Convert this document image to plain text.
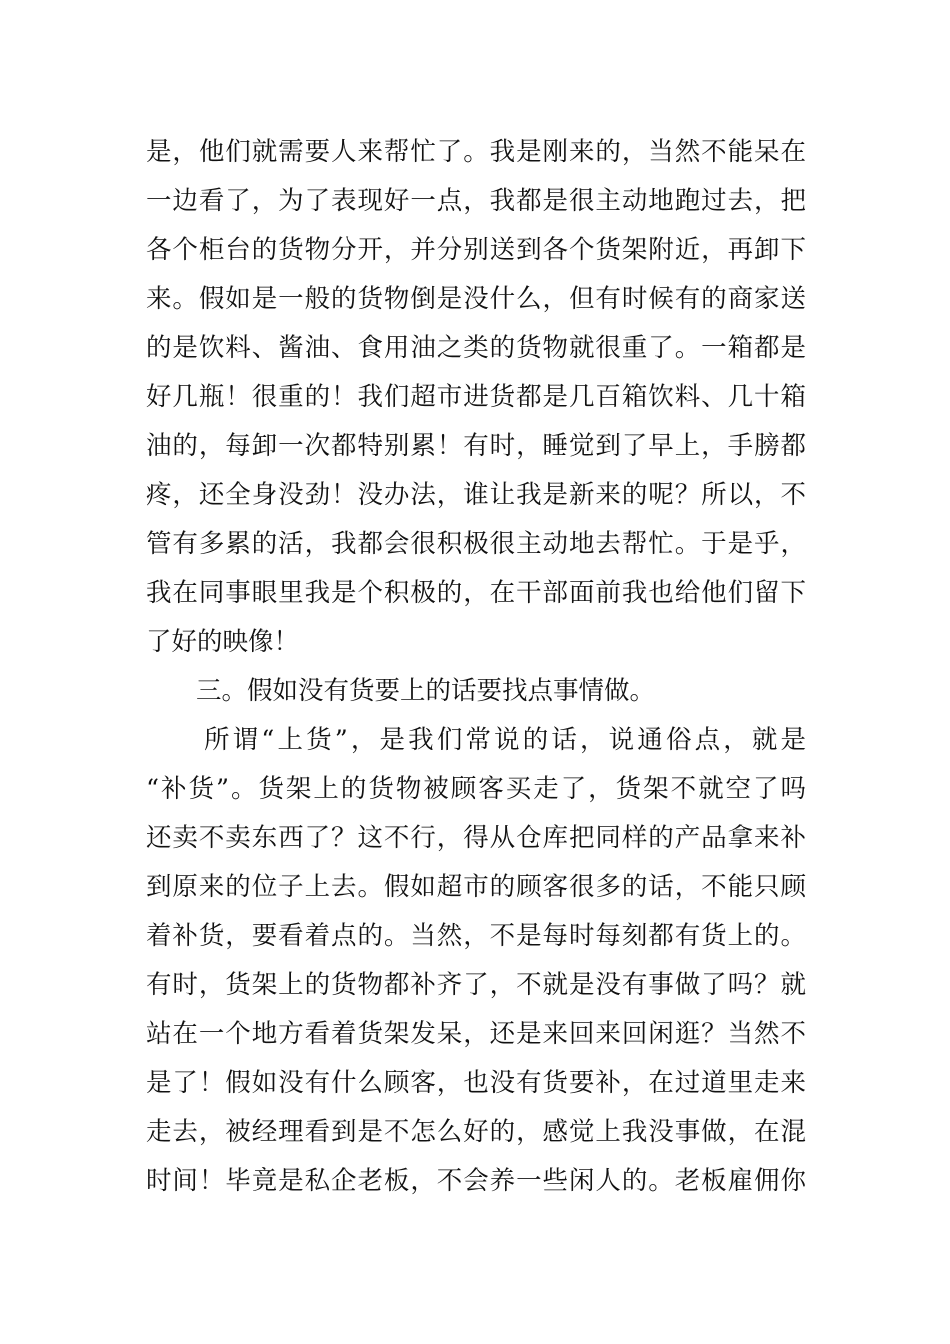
是，他们就需要人来帮忙了。我是刚来的，当然不能呆在
一边看了，为了表现好一点，我都是很主动地跑过去，把
各个柜台的货物分开，并分别送到各个货架附近，再卸下
来。假如是一般的货物倒是没什么，但有时候有的商家送
的是饮料、酱油、食用油之类的货物就很重了。一箱都是
好几瓶！很重的！我们超市进货都是几百箱饮料、几十箱
油的，每卸一次都特别累！有时，睡觉到了早上，手膀都
疼，还全身没劲！没办法，谁让我是新来的呢？所以，不
管有多累的活，我都会很积极很主动地去帮忙。于是乎，
我在同事眼里我是个积极的，在干部面前我也给他们留下
了好的映像！
三。假如没有货要上的话要找点事情做。
所谓“上货”，是我们常说的话，说通俗点，就是
“补货”。货架上的货物被顾客买走了，货架不就空了吗
还卖不卖东西了？这不行，得从仓库把同样的产品拿来补
到原来的位子上去。假如超市的顾客很多的话，不能只顾
着补货，要看着点的。当然，不是每时每刻都有货上的。
有时，货架上的货物都补齐了，不就是没有事做了吗？就
站在一个地方看着货架发呆，还是来回来回闲逛？当然不
是了！假如没有什么顾客，也没有货要补，在过道里走来
走去，被经理看到是不怎么好的，感觉上我没事做，在混
时间！毕竟是私企老板，不会养一些闲人的。老板雇佣你
